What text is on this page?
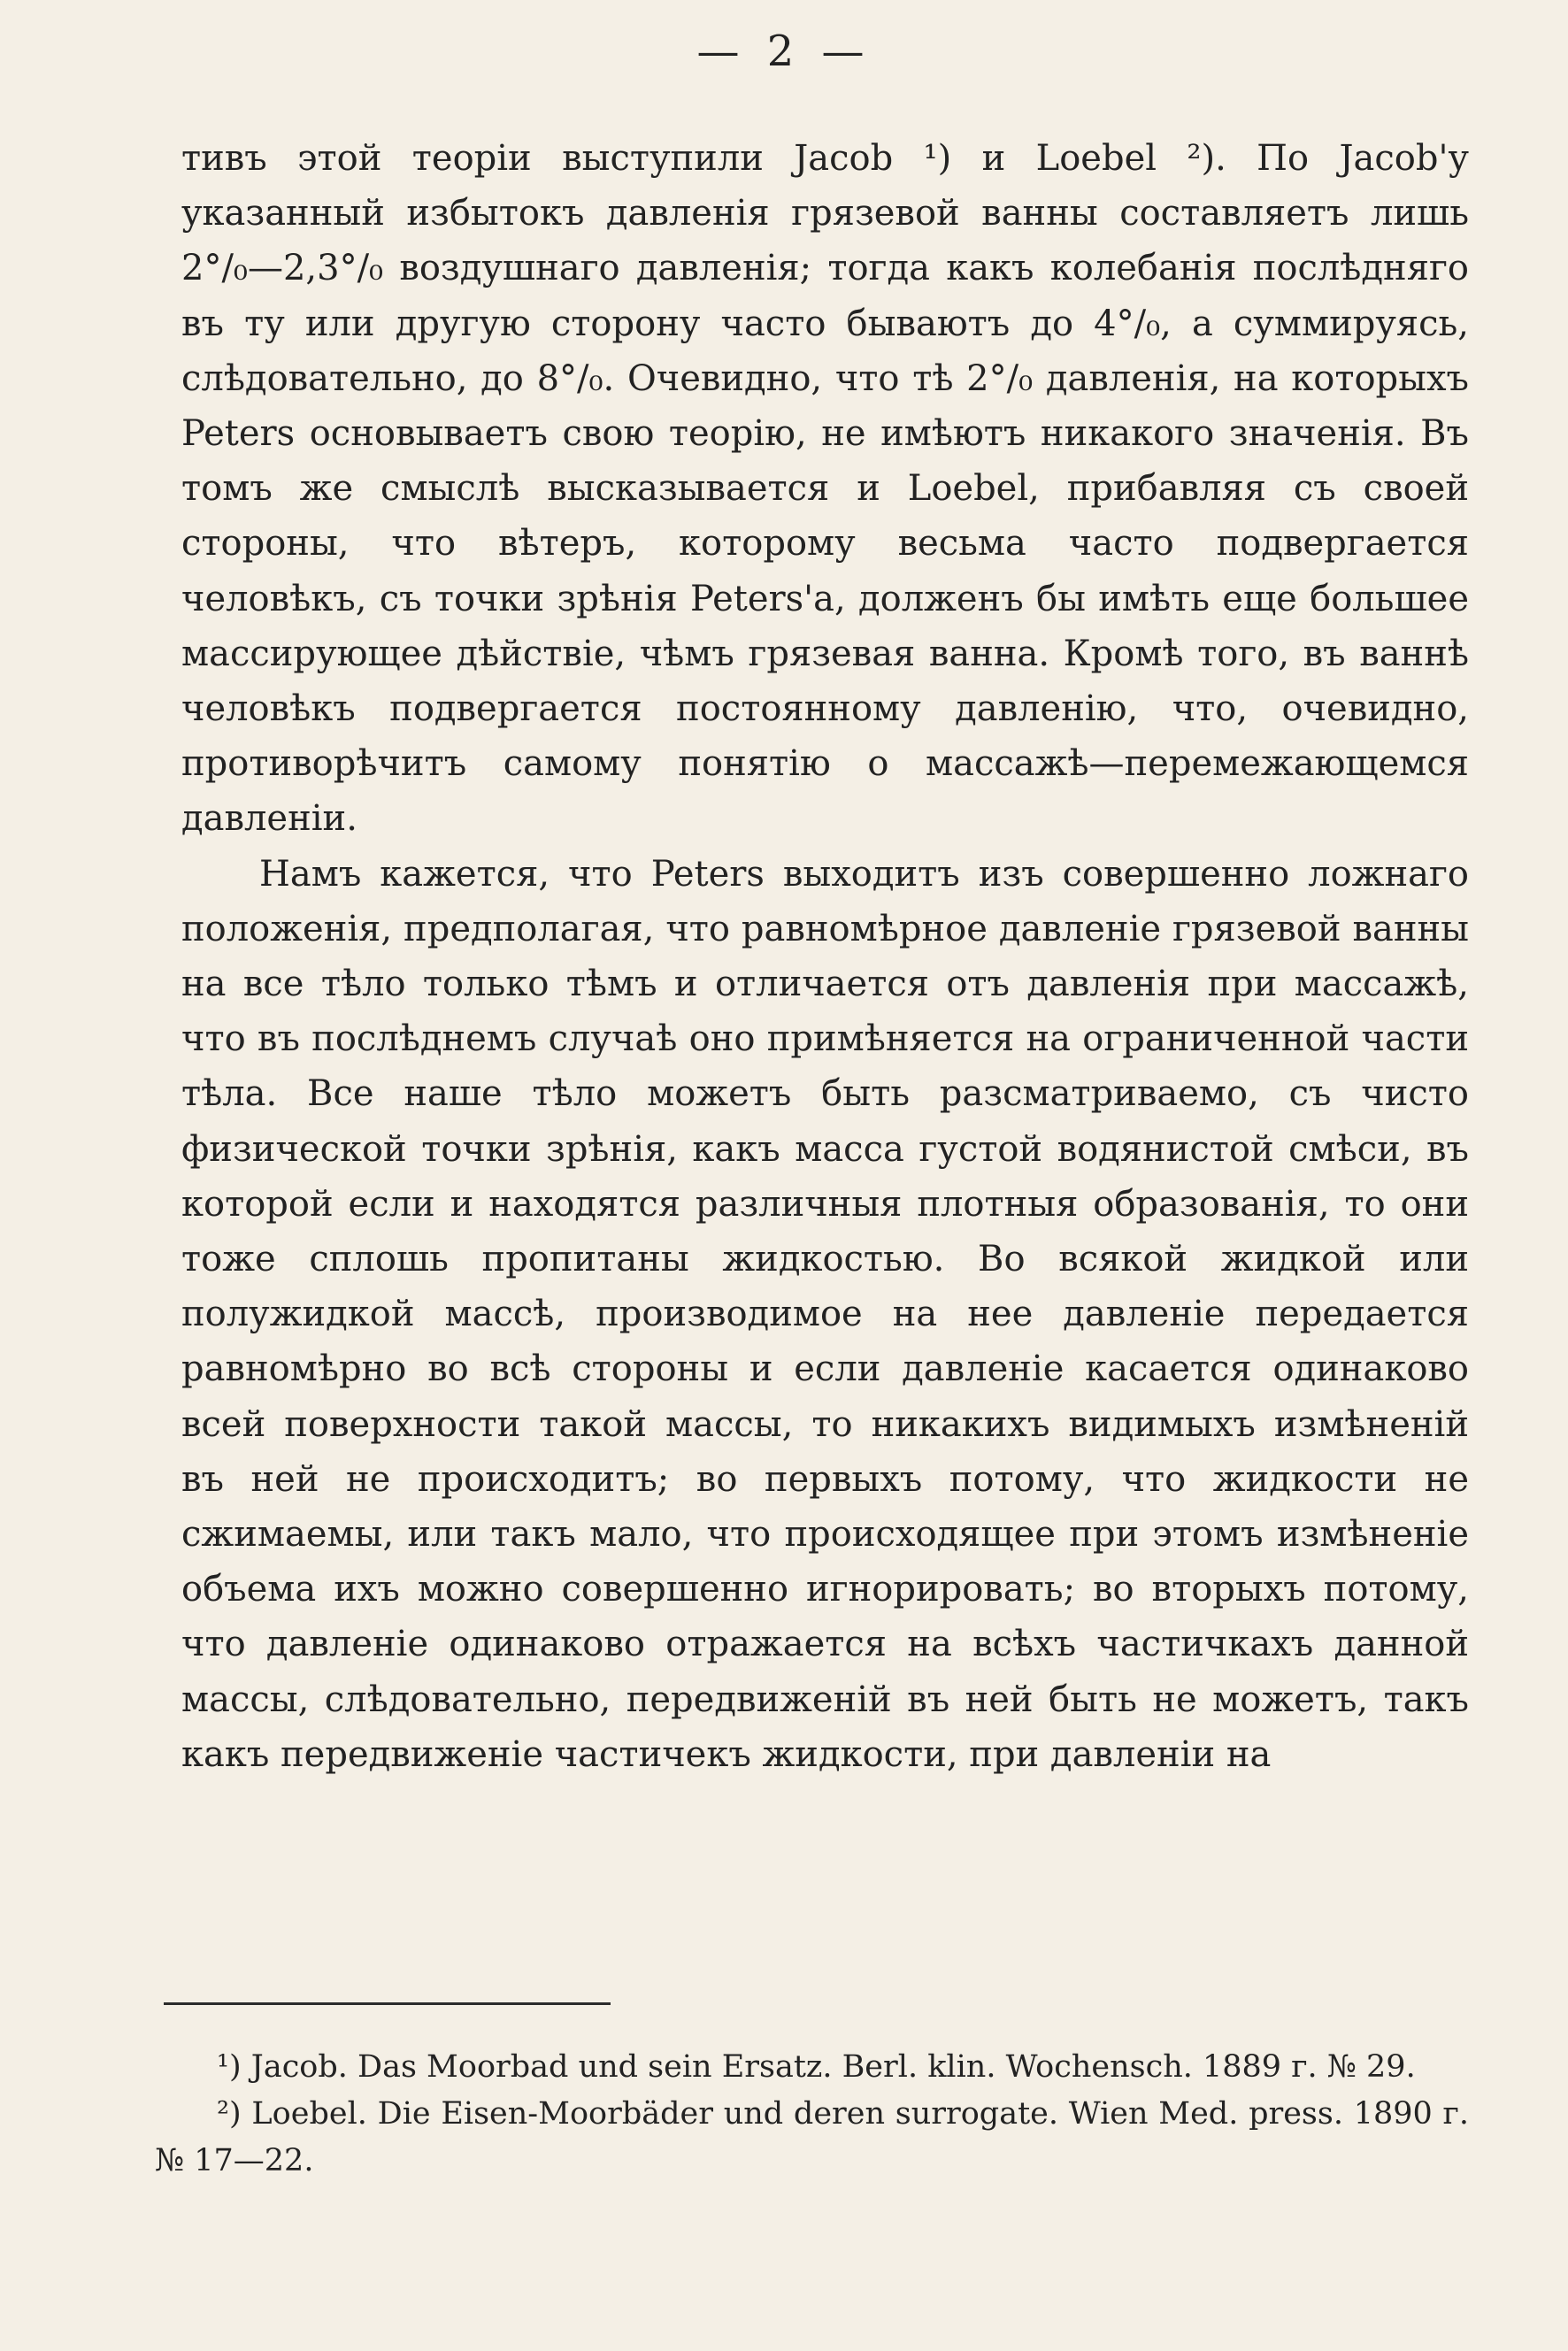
— 2 —

тивъ этой теорiи выступили Jacob ¹) и Loebel ²). По Jacob'у указанный избытокъ давленiя грязевой ванны составляетъ лишь 2°/₀—2,3°/₀ воздушнаго давленiя; тогда какъ колебанiя послѣдняго въ ту или другую сторону часто бываютъ до 4°/₀, а суммируясь, слѣдовательно, до 8°/₀. Очевидно, что тѣ 2°/₀ давленiя, на которыхъ Peters основываетъ свою теорiю, не имѣютъ никакого значенiя. Въ томъ же смыслѣ высказывается и Loebel, прибавляя съ своей стороны, что вѣтеръ, которому весьма часто подвергается человѣкъ, съ точки зрѣнiя Peters'а, долженъ бы имѣть еще большее массирующее дѣйствiе, чѣмъ грязевая ванна. Кромѣ того, въ ваннѣ человѣкъ подвергается постоянному давленiю, что, очевидно, противорѣчитъ самому понятiю о массажѣ—перемежающемся давленiи.

Намъ кажется, что Peters выходитъ изъ совершенно ложнаго положенiя, предполагая, что равномѣрное давленiе грязевой ванны на все тѣло только тѣмъ и отличается отъ давленiя при массажѣ, что въ послѣднемъ случаѣ оно примѣняется на ограниченной части тѣла. Все наше тѣло можетъ быть разсматриваемо, съ чисто физической точки зрѣнiя, какъ масса густой водянистой смѣси, въ которой если и находятся различныя плотныя образованiя, то они тоже сплошь пропитаны жидкостью. Во всякой жидкой или полужидкой массѣ, производимое на нее давленiе передается равномѣрно во всѣ стороны и если давленiе касается одинаково всей поверхности такой массы, то никакихъ видимыхъ измѣненiй въ ней не происходитъ; во первыхъ потому, что жидкости не сжимаемы, или такъ мало, что происходящее при этомъ измѣненiе объема ихъ можно совершенно игнорировать; во вторыхъ потому, что давленiе одинаково отражается на всѣхъ частичкахъ данной массы, слѣдовательно, передвиженiй въ ней быть не можетъ, такъ какъ передвиженiе частичекъ жидкости, при давленiи на

¹) Jacob. Das Moorbad und sein Ersatz. Berl. klin. Wochensch. 1889 г. № 29.

²) Loebel. Die Eisen-Moorbäder und deren surrogate. Wien Med. press. 1890 г. № 17—22.
